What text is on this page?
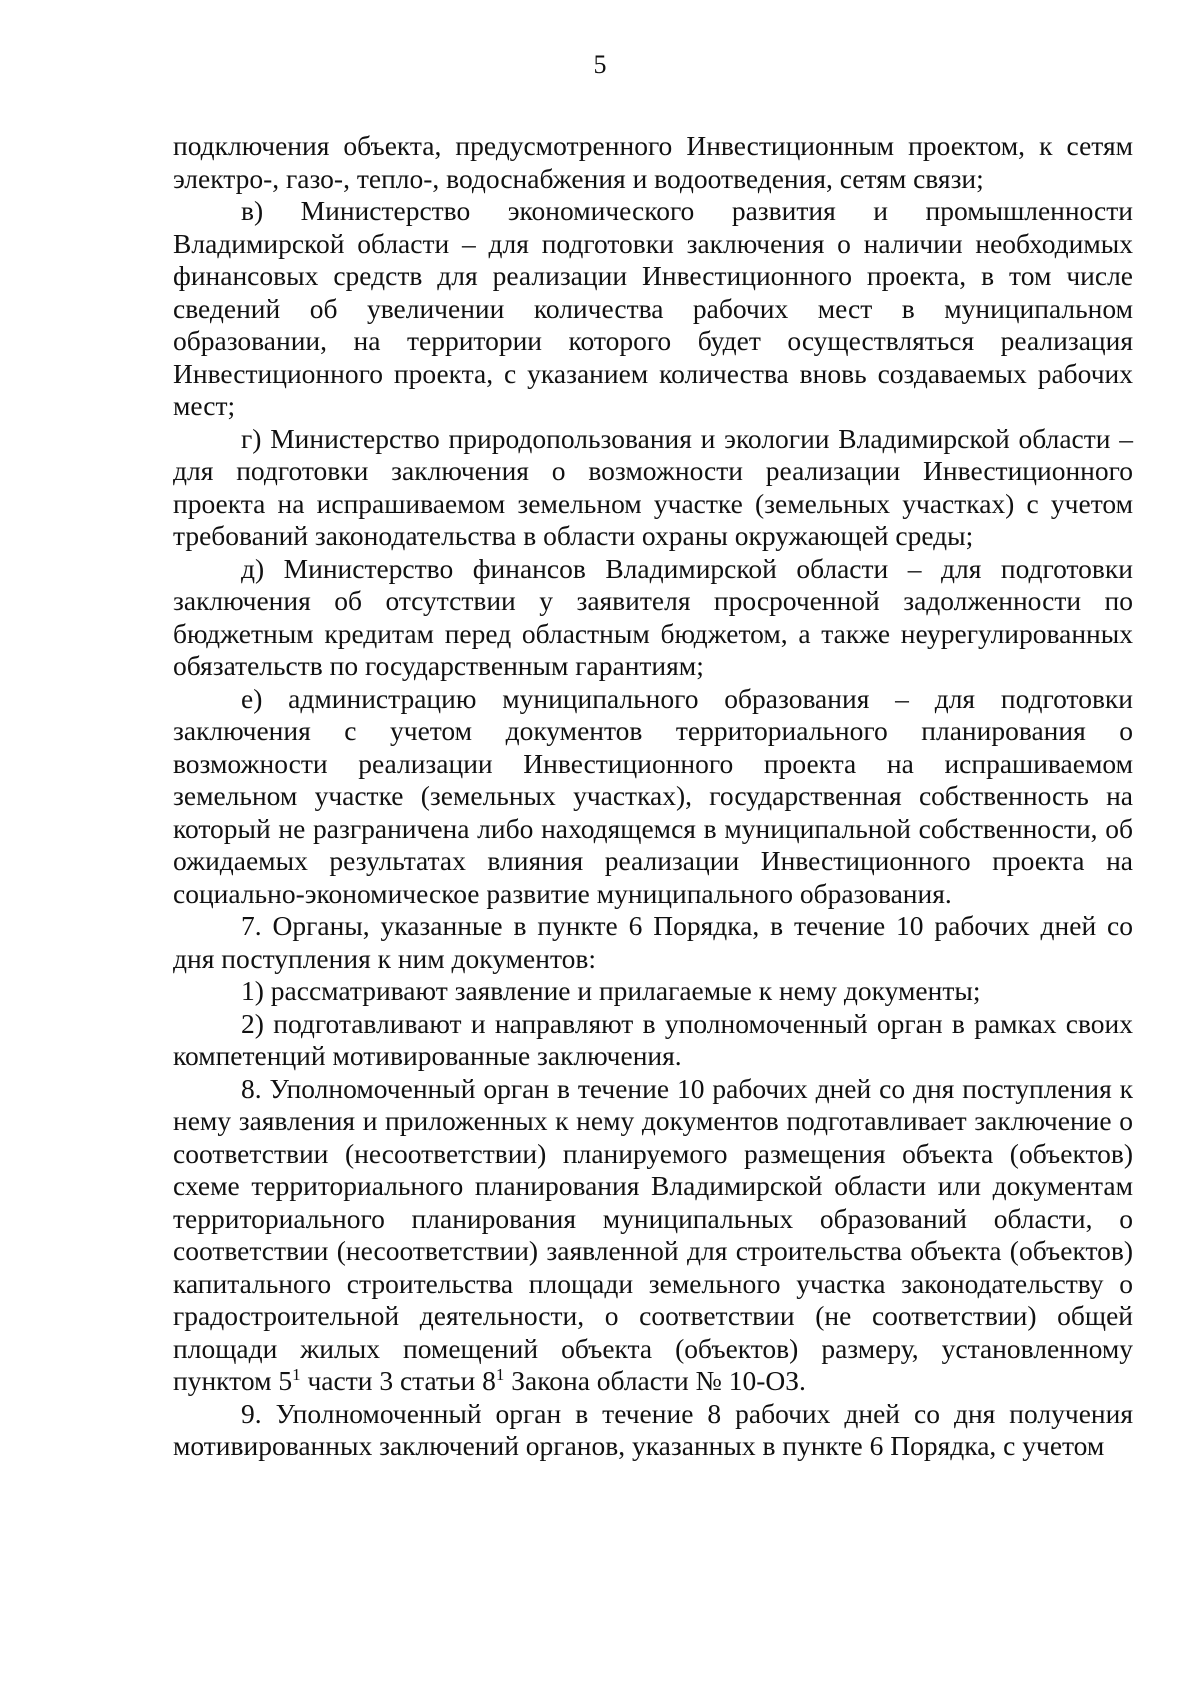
5

подключения объекта, предусмотренного Инвестиционным проектом, к сетям электро-, газо-, тепло-, водоснабжения и водоотведения, сетям связи;

в) Министерство экономического развития и промышленности Владимирской области – для подготовки заключения о наличии необходимых финансовых средств для реализации Инвестиционного проекта, в том числе сведений об увеличении количества рабочих мест в муниципальном образовании, на территории которого будет осуществляться реализация Инвестиционного проекта, с указанием количества вновь создаваемых рабочих мест;

г) Министерство природопользования и экологии Владимирской области – для подготовки заключения о возможности реализации Инвестиционного проекта на испрашиваемом земельном участке (земельных участках) с учетом требований законодательства в области охраны окружающей среды;

д) Министерство финансов Владимирской области – для подготовки заключения об отсутствии у заявителя просроченной задолженности по бюджетным кредитам перед областным бюджетом, а также неурегулированных обязательств по государственным гарантиям;

е) администрацию муниципального образования – для подготовки заключения с учетом документов территориального планирования о возможности реализации Инвестиционного проекта на испрашиваемом земельном участке (земельных участках), государственная собственность на который не разграничена либо находящемся в муниципальной собственности, об ожидаемых результатах влияния реализации Инвестиционного проекта на социально-экономическое развитие муниципального образования.

7. Органы, указанные в пункте 6 Порядка, в течение 10 рабочих дней со дня поступления к ним документов:

1) рассматривают заявление и прилагаемые к нему документы;

2) подготавливают и направляют в уполномоченный орган в рамках своих компетенций мотивированные заключения.

8. Уполномоченный орган в течение 10 рабочих дней со дня поступления к нему заявления и приложенных к нему документов подготавливает заключение о соответствии (несоответствии) планируемого размещения объекта (объектов) схеме территориального планирования Владимирской области или документам территориального планирования муниципальных образований области, о соответствии (несоответствии) заявленной для строительства объекта (объектов) капитального строительства площади земельного участка законодательству о градостроительной деятельности, о соответствии (не соответствии) общей площади жилых помещений объекта (объектов) размеру, установленному пунктом $5^1$ части 3 статьи $8^1$ Закона области № 10-ОЗ.

9. Уполномоченный орган в течение 8 рабочих дней со дня получения мотивированных заключений органов, указанных в пункте 6 Порядка, с учетом
